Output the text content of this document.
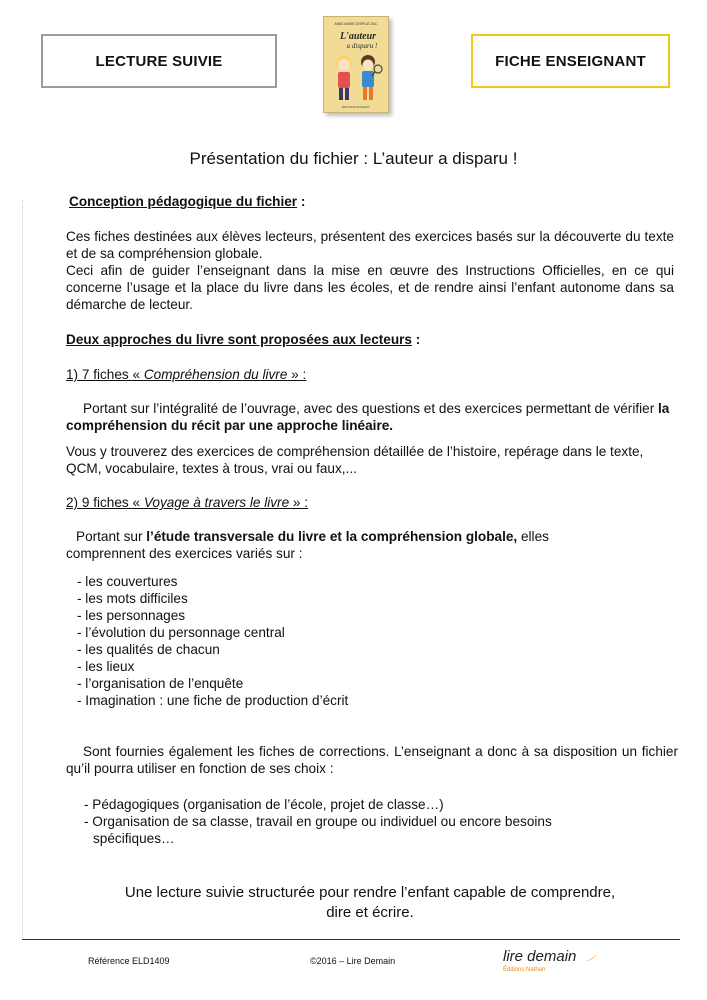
LECTURE SUIVIE
ANNE-MARIE DESPLAT-DUC
L'auteur
a disparu !
ÉDITIONS RAGEOT
FICHE ENSEIGNANT
Présentation du fichier : L’auteur a disparu !
Conception pédagogique du fichier :
Ces fiches destinées aux élèves lecteurs, présentent des exercices basés sur la découverte du texte et de sa compréhension globale.
Ceci afin de guider l’enseignant dans la mise en œuvre des Instructions Officielles, en ce qui concerne l’usage et la place du livre dans les écoles, et de rendre ainsi l’enfant autonome dans sa démarche de lecteur.
Deux approches du livre sont proposées aux lecteurs :
1) 7 fiches « Compréhension du livre » :
Portant sur l’intégralité de l’ouvrage, avec des questions et des exercices permettant de vérifier la compréhension du récit par une approche linéaire.
Vous y trouverez des exercices de compréhension détaillée de l’histoire, repérage dans le texte, QCM, vocabulaire, textes à trous, vrai ou faux,...
2) 9 fiches « Voyage à travers le livre » :
Portant sur l’étude transversale du livre et la compréhension globale, elles comprennent des exercices variés sur :
- les couvertures
- les mots difficiles
- les personnages
- l’évolution du personnage central
- les qualités de chacun
- les lieux
- l’organisation de l’enquête
- Imagination : une fiche de production d’écrit
Sont fournies également les fiches de corrections. L’enseignant a donc à sa disposition un fichier qu’il pourra utiliser en fonction de ses choix :
- Pédagogiques (organisation de l’école, projet de classe…)
- Organisation de sa classe, travail en groupe ou individuel ou encore besoins spécifiques…
Une lecture suivie structurée pour rendre l’enfant capable de comprendre, dire et écrire.
Référence ELD1409	©2016 – Lire Demain	lire demain
Éditions Nathan
